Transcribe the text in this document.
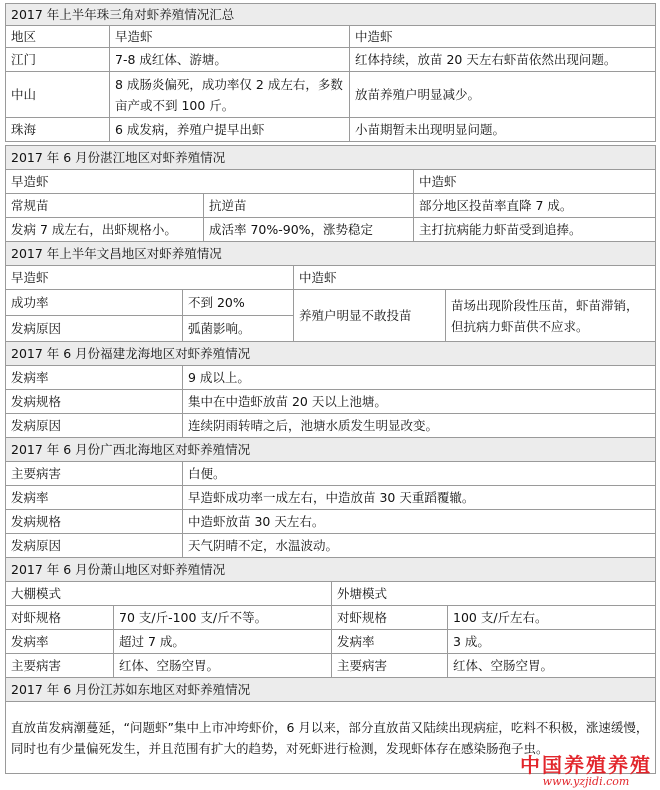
2017 年上半年珠三角对虾养殖情况汇总		
地区	早造虾	中造虾
江门	7-8 成红体、游塘。	红体持续，放苗 20 天左右虾苗依然出现问题。
中山	8 成肠炎偏死，成功率仅 2 成左右，多数亩产或不到 100 斤。	放苗养殖户明显减少。
珠海	6 成发病，养殖户提早出虾	小苗期暂未出现明显问题。
2017 年 6 月份湛江地区对虾养殖情况		
早造虾		中造虾
常规苗	抗逆苗	部分地区投苗率直降 7 成。
发病 7 成左右，出虾规格小。	成活率 70%-90%，涨势稳定	主打抗病能力虾苗受到追捧。
2017 年上半年文昌地区对虾养殖情况			
早造虾		中造虾	
成功率	不到 20%	养殖户明显不敢投苗	苗场出现阶段性压苗，虾苗滞销，但抗病力虾苗供不应求。
发病原因	弧菌影响。		
2017 年 6 月份福建龙海地区对虾养殖情况	
发病率	9 成以上。
发病规格	集中在中造虾放苗 20 天以上池塘。
发病原因	连续阴雨转晴之后，池塘水质发生明显改变。
2017 年 6 月份广西北海地区对虾养殖情况	
主要病害	白便。
发病率	早造虾成功率一成左右，中造放苗 30 天重蹈覆辙。
发病规格	中造虾放苗 30 天左右。
发病原因	天气阴晴不定，水温波动。
2017 年 6 月份萧山地区对虾养殖情况			
大棚模式		外塘模式	
对虾规格	70 支/斤-100 支/斤不等。	对虾规格	100 支/斤左右。
发病率	超过 7 成。	发病率	3 成。
主要病害	红体、空肠空胃。	主要病害	红体、空肠空胃。
2017 年 6 月份江苏如东地区对虾养殖情况
直放苗发病潮蔓延，“问题虾”集中上市冲垮虾价，6 月以来，部分直放苗又陆续出现病症，吃料不积极，涨速缓慢，同时也有少量偏死发生，并且范围有扩大的趋势，对死虾进行检测，发现虾体存在感染肠孢子虫。
中国养殖养殖
www.yzjidi.com
